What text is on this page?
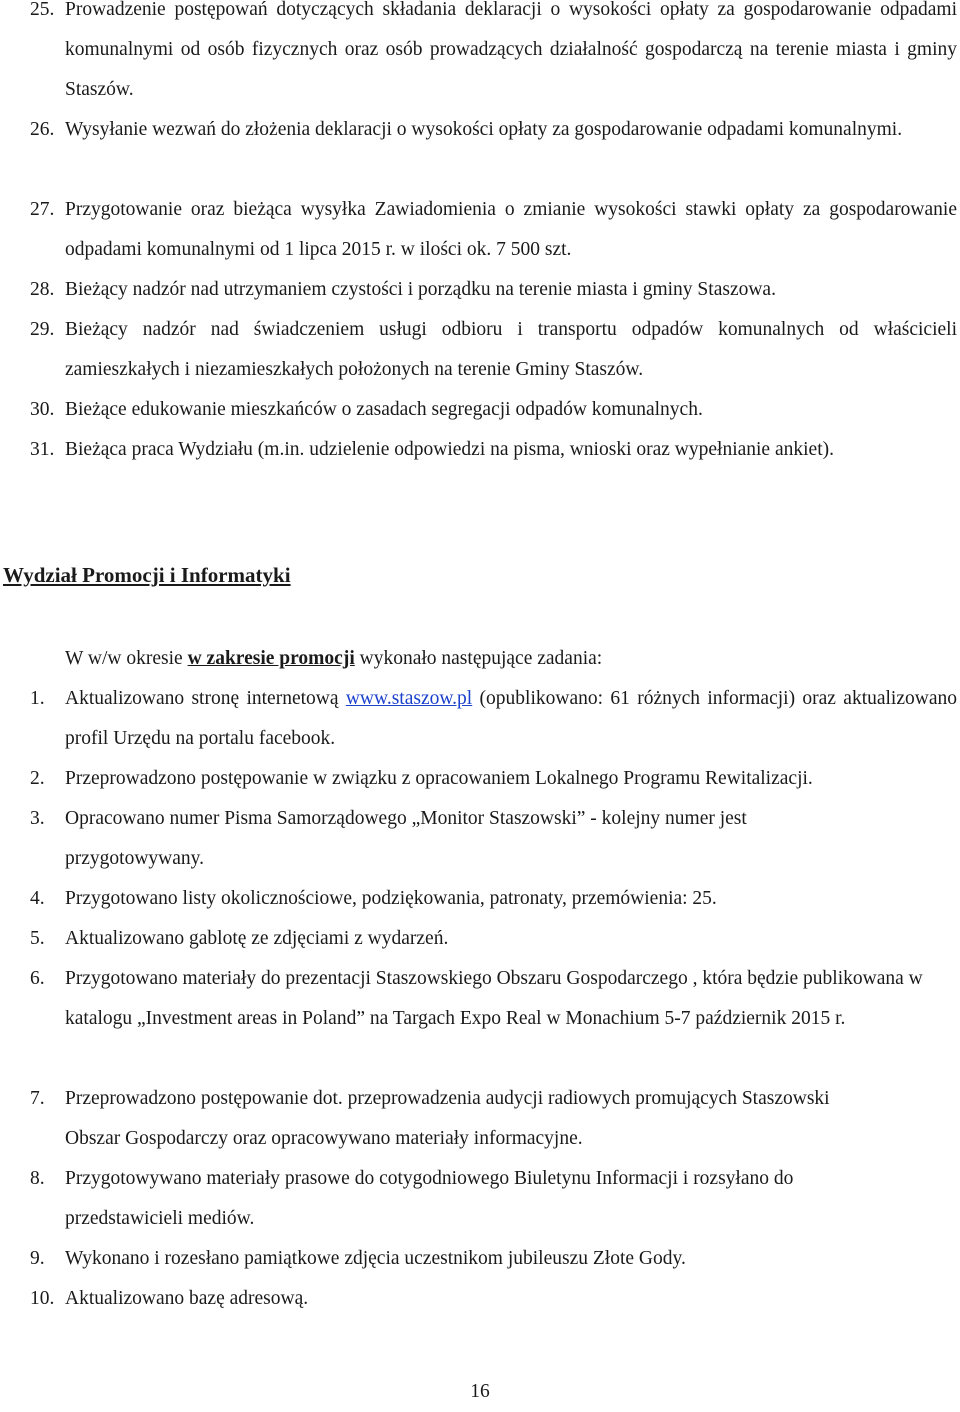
25. Prowadzenie postępowań dotyczących składania deklaracji o wysokości opłaty za gospodarowanie odpadami komunalnymi od osób fizycznych oraz osób prowadzących działalność gospodarczą na terenie miasta i gminy Staszów.
26. Wysyłanie wezwań do złożenia deklaracji o wysokości opłaty za gospodarowanie odpadami komunalnymi.
27. Przygotowanie oraz bieżąca wysyłka Zawiadomienia o zmianie wysokości stawki opłaty za gospodarowanie odpadami komunalnymi od 1 lipca 2015 r. w ilości ok. 7 500 szt.
28. Bieżący nadzór nad utrzymaniem czystości i porządku na terenie miasta i gminy Staszowa.
29. Bieżący nadzór nad świadczeniem usługi odbioru i transportu odpadów komunalnych od właścicieli zamieszkałych i niezamieszkałych położonych na terenie Gminy Staszów.
30. Bieżące edukowanie mieszkańców o zasadach segregacji odpadów komunalnych.
31. Bieżąca praca Wydziału (m.in. udzielenie odpowiedzi na pisma, wnioski oraz wypełnianie ankiet).
Wydział Promocji i Informatyki
W w/w okresie w zakresie promocji wykonało następujące zadania:
1. Aktualizowano stronę internetową www.staszow.pl (opublikowano: 61 różnych informacji) oraz aktualizowano profil Urzędu na portalu facebook.
2. Przeprowadzono postępowanie w związku z opracowaniem Lokalnego Programu Rewitalizacji.
3. Opracowano numer Pisma Samorządowego „Monitor Staszowski” - kolejny numer jest przygotowywany.
4. Przygotowano listy okolicznościowe, podziękowania, patronaty, przemówienia: 25.
5. Aktualizowano gablotę ze zdjęciami z wydarzeń.
6. Przygotowano materiały do prezentacji Staszowskiego Obszaru Gospodarczego , która będzie publikowana w katalogu „Investment areas in Poland” na Targach Expo Real w Monachium 5-7 październik 2015 r.
7. Przeprowadzono postępowanie dot. przeprowadzenia audycji radiowych promujących Staszowski Obszar Gospodarczy oraz opracowywano materiały informacyjne.
8. Przygotowywano materiały prasowe do cotygodniowego Biuletynu Informacji i rozsyłano do przedstawicieli mediów.
9. Wykonano i rozesłano pamiątkowe zdjęcia uczestnikom jubileuszu Złote Gody.
10. Aktualizowano bazę adresową.
16
